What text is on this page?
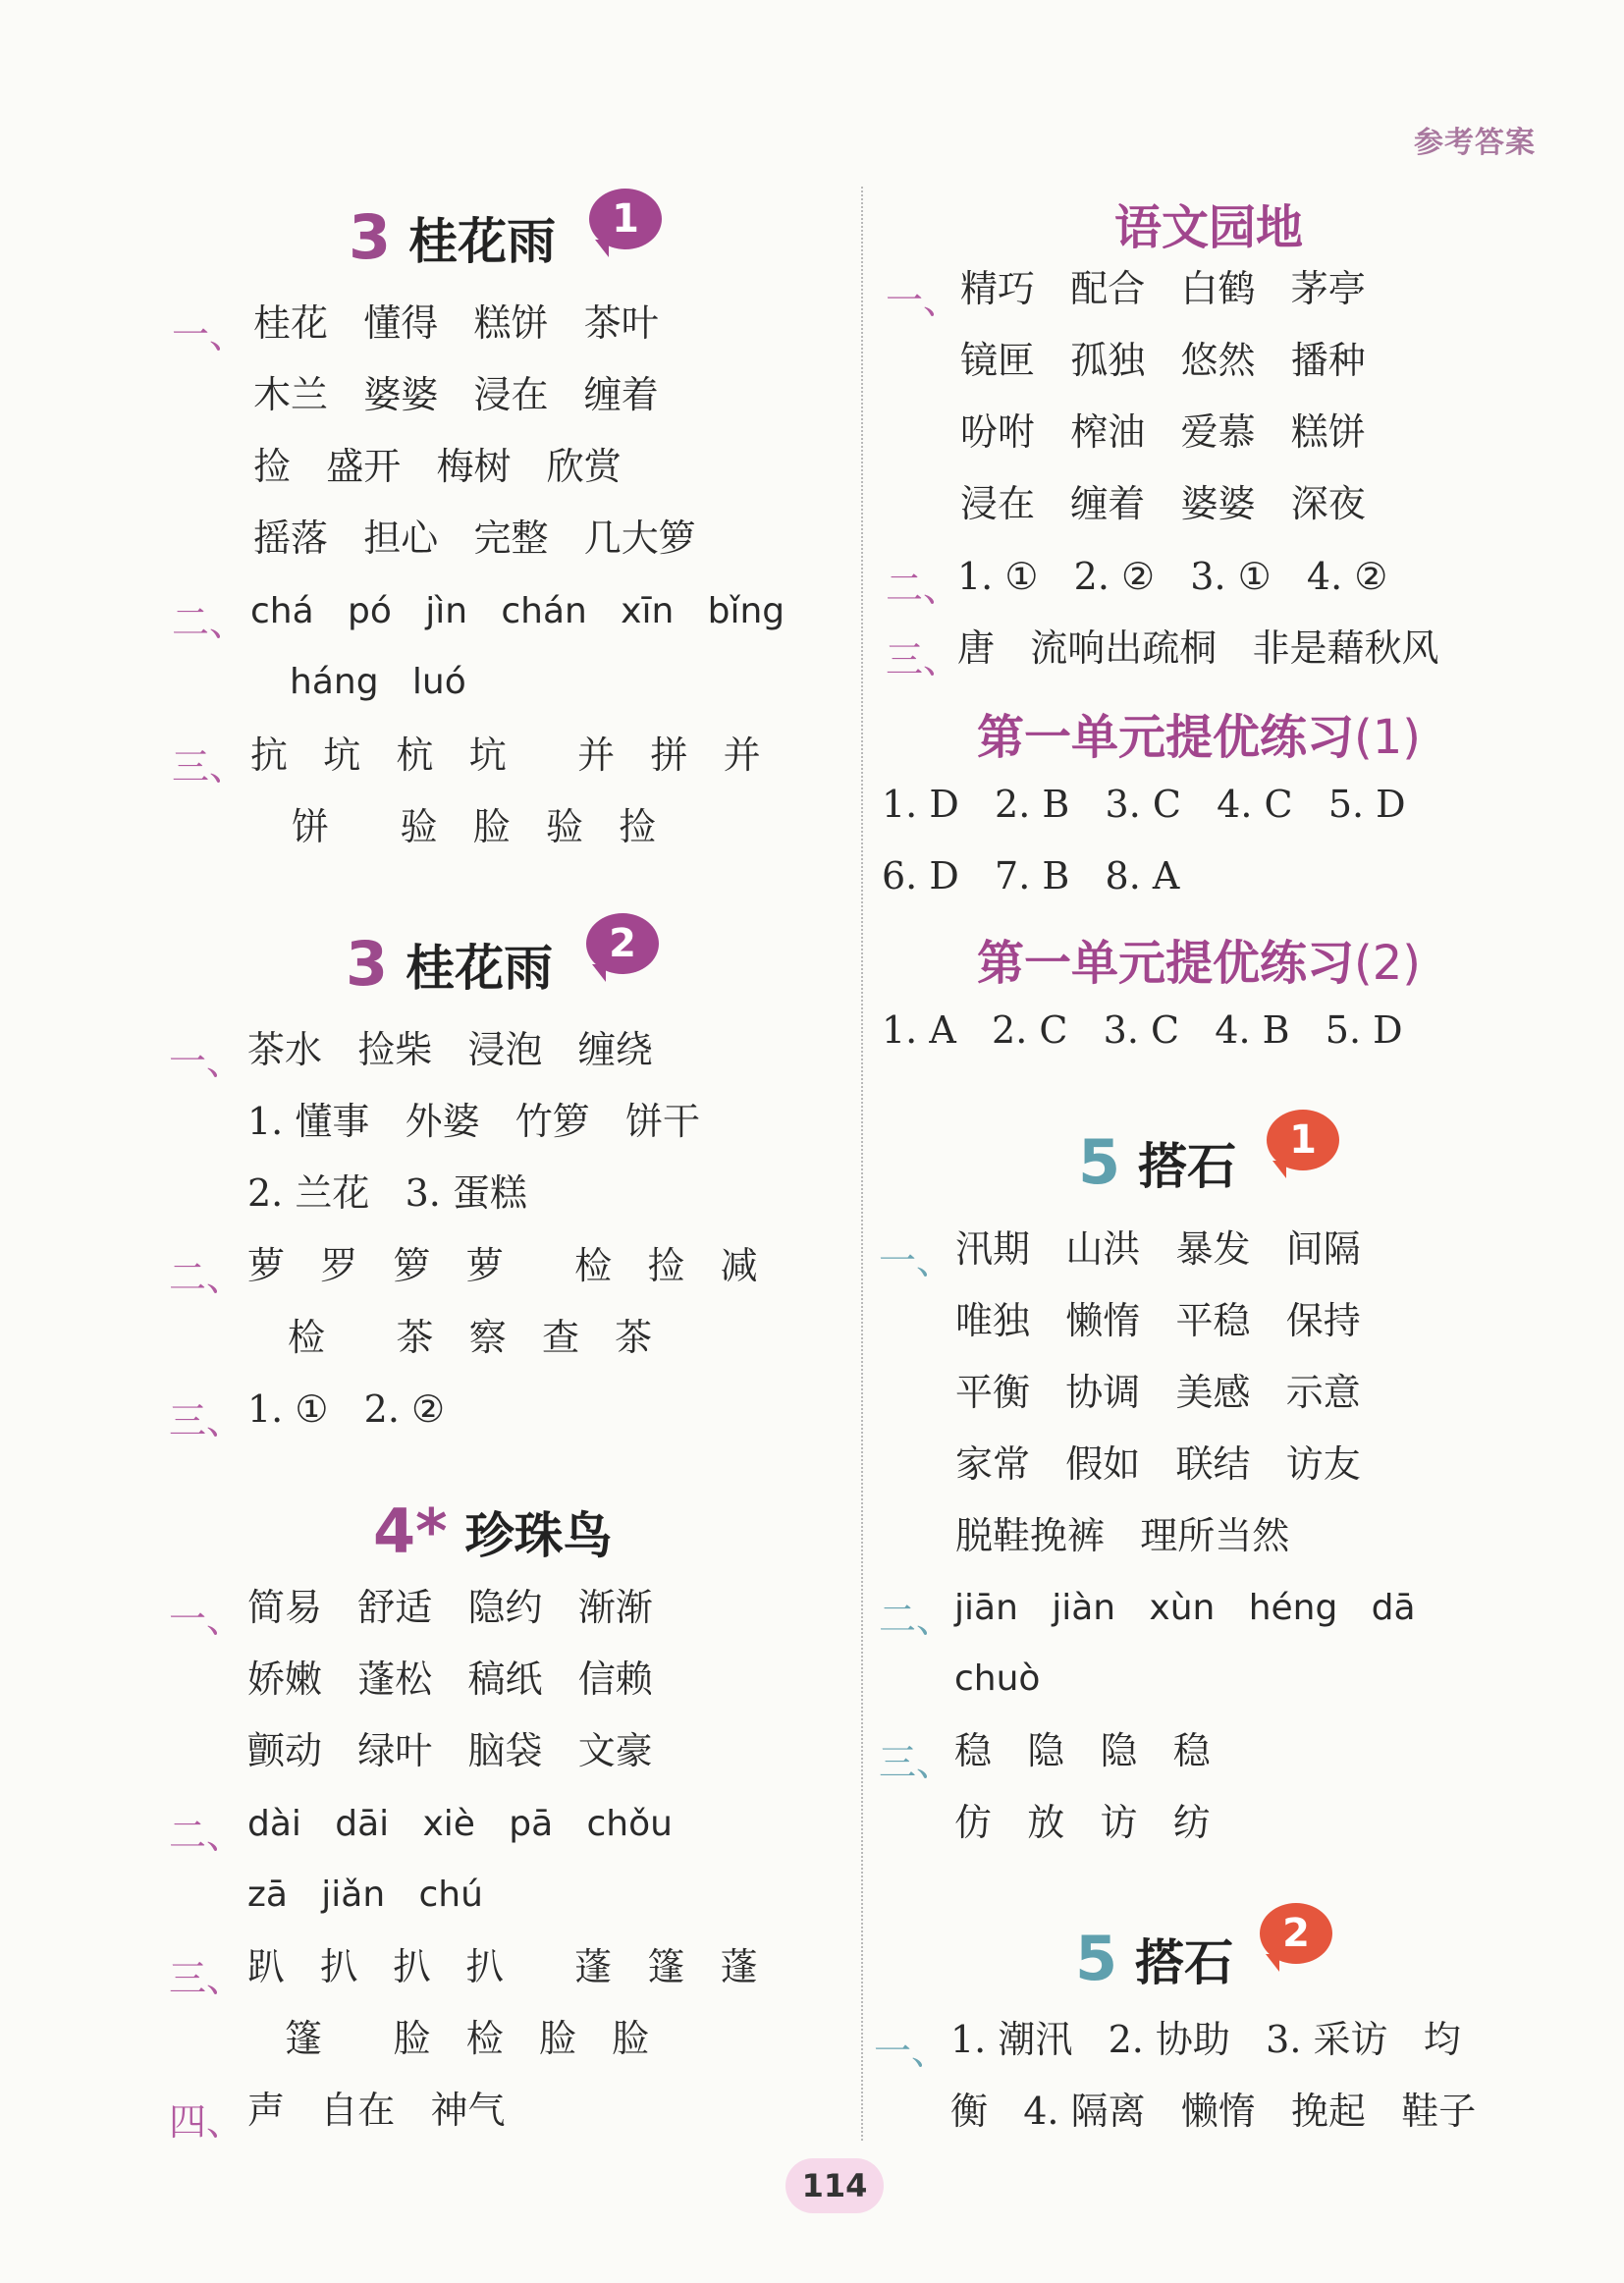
参考答案
3 桂花雨	1
一、 桂花   懂得   糕饼   茶叶
木兰   婆婆   浸在   缠着
捡   盛开   梅树   欣赏
摇落   担心   完整   几大箩
二、 chá   pó   jìn   chán   xīn   bǐng
háng   luó
三、 抗   坑   杭   坑      并   拼   并
饼      验   脸   验   捡
3 桂花雨	2
一、 茶水   捡柴   浸泡   缠绕
1. 懂事   外婆   竹箩   饼干
2. 兰花   3. 蛋糕
二、 萝   罗   箩   萝      检   捡   减
检      茶   察   查   茶
三、 1. ①   2. ②
4* 珍珠鸟
一、 简易   舒适   隐约   渐渐
娇嫩   蓬松   稿纸   信赖
颤动   绿叶   脑袋   文豪
二、 dài   dāi   xiè   pā   chǒu
zā   jiǎn   chú
三、 趴   扒   扒   扒      蓬   篷   蓬
篷      脸   检   脸   脸
四、 声   自在   神气
语文园地
一、 精巧   配合   白鹤   茅亭
镜匣   孤独   悠然   播种
吩咐   榨油   爱慕   糕饼
浸在   缠着   婆婆   深夜
二、
1. ①   2. ②   3. ①   4. ②
三、
唐   流响出疏桐   非是藉秋风
第一单元提优练习(1)
1. D   2. B   3. C   4. C   5. D
6. D   7. B   8. A
第一单元提优练习(2)
1. A   2. C   3. C   4. B   5. D
5 搭石	1
一、 汛期   山洪   暴发   间隔
唯独   懒惰   平稳   保持
平衡   协调   美感   示意
家常   假如   联结   访友
脱鞋挽裤   理所当然
二、 jiān   jiàn   xùn   héng   dā
chuò
三、 稳   隐   隐   稳
仿   放   访   纺
5 搭石
2
一、 1. 潮汛   2. 协助   3. 采访   均
衡   4. 隔离   懒惰   挽起   鞋子
114
